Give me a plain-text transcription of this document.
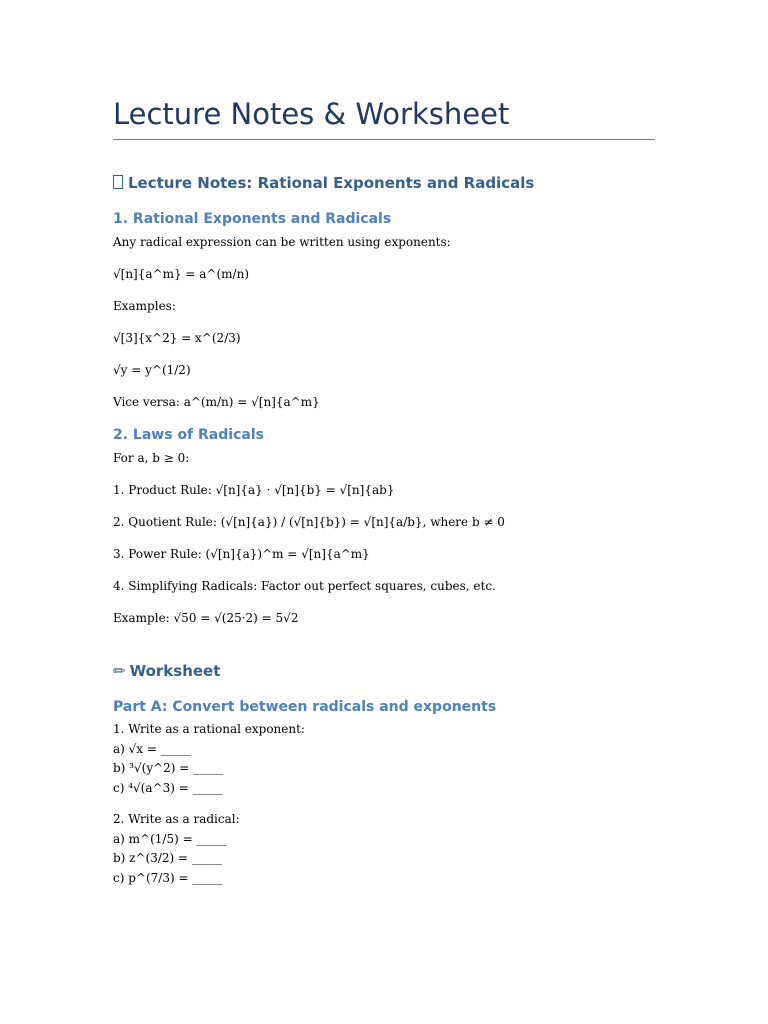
Lecture Notes & Worksheet
Lecture Notes: Rational Exponents and Radicals
1. Rational Exponents and Radicals

Any radical expression can be written using exponents:

√[n]{a^m} = a^(m/n)

Examples:

√[3]{x^2} = x^(2/3)

√y = y^(1/2)

Vice versa: a^(m/n) = √[n]{a^m}

2. Laws of Radicals

For a, b ≥ 0:

1. Product Rule: √[n]{a} · √[n]{b} = √[n]{ab}

2. Quotient Rule: (√[n]{a}) / (√[n]{b}) = √[n]{a/b}, where b ≠ 0

3. Power Rule: (√[n]{a})^m = √[n]{a^m}

4. Simplifying Radicals: Factor out perfect squares, cubes, etc.

Example: √50 = √(25·2) = 5√2

✏ Worksheet
Part A: Convert between radicals and exponents
1. Write as a rational exponent:
a) √x = _____
b) ³√(y^2) = _____
c) ⁴√(a^3) = _____
2. Write as a radical:
a) m^(1/5) = _____
b) z^(3/2) = _____
c) p^(7/3) = _____
